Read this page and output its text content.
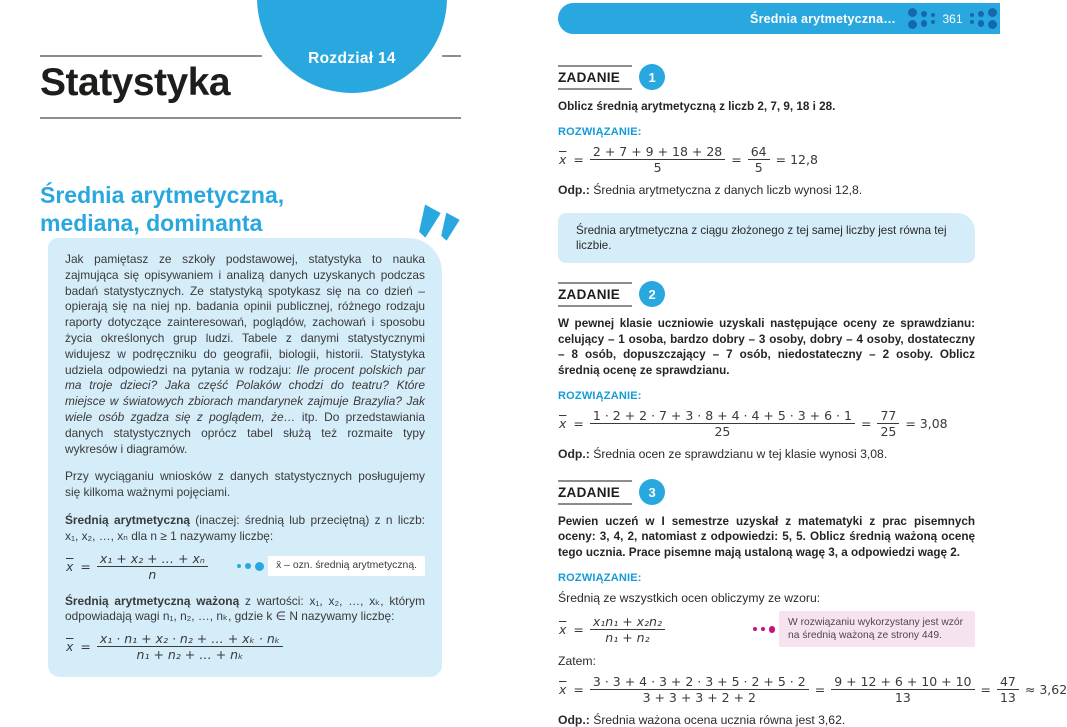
Rozdział 14
Statystyka
Średnia arytmetyczna,
mediana, dominanta

Jak pamiętasz ze szkoły podstawowej, statystyka to nauka zajmująca się opisywaniem i analizą danych uzyskanych podczas badań statystycznych. Ze statystyką spotykasz się na co dzień – opierają się na niej np. badania opinii publicznej, różnego rodzaju raporty dotyczące zainteresowań, poglądów, zachowań i sposobu życia określonych grup ludzi. Tabele z danymi statystycznymi widujesz w podręczniku do geografii, biologii, historii. Statystyka udziela odpowiedzi na pytania w rodzaju: Ile procent polskich par ma troje dzieci? Jaka część Polaków chodzi do teatru? Które miejsce w światowych zbiorach mandarynek zajmuje Brazylia? Jak wiele osób zgadza się z poglądem, że… itp. Do przedstawiania danych statystycznych oprócz tabel służą też rozmaite typy wykresów i diagramów.

Przy wyciąganiu wniosków z danych statystycznych posługujemy się kilkoma ważnymi pojęciami.

Średnią arytmetyczną (inaczej: średnią lub przeciętną) z n liczb: x₁, x₂, …, xₙ dla n ≥ 1 nazywamy liczbę:

$\overline{x} = \frac{\text{x₁ + x₂ + … + xₙ}}{n}$	x̄ – ozn. średnią arytmetyczną.

Średnią arytmetyczną ważoną z wartości: x₁, x₂, …, xₖ, którym odpowiadają wagi n₁, n₂, …, nₖ, gdzie k ∈ N nazywamy liczbę:

$\overline{x} = \frac{\text{x₁ · n₁ + x₂ · n₂ + … + xₖ · nₖ}}{\text{n₁ + n₂ + … + nₖ}}$
Średnia arytmetyczna…	361
ZADANIE	1

Oblicz średnią arytmetyczną z liczb 2, 7, 9, 18 i 28.

ROZWIĄZANIE:
$\overline{x} = \frac{2 + 7 + 9 + 18 + 28}{5} = \frac{64}{5} = 12,8$

Odp.: Średnia arytmetyczna z danych liczb wynosi 12,8.

Średnia arytmetyczna z ciągu złożonego z tej samej liczby jest równa tej liczbie.
ZADANIE	2

W pewnej klasie uczniowie uzyskali następujące oceny ze sprawdzianu: celujący – 1 osoba, bardzo dobry – 3 osoby, dobry – 4 osoby, dostateczny – 8 osób, dopuszczający – 7 osób, niedostateczny – 2 osoby. Oblicz średnią ocenę ze sprawdzianu.

ROZWIĄZANIE:
$\overline{x} = \frac{1 \cdot 2 + 2 \cdot 7 + 3 \cdot 8 + 4 \cdot 4 + 5 \cdot 3 + 6 \cdot 1}{25} = \frac{77}{25} = 3,08$

Odp.: Średnia ocen ze sprawdzianu w tej klasie wynosi 3,08.

ZADANIE	3

Pewien uczeń w I semestrze uzyskał z matematyki z prac pisemnych oceny: 3, 4, 2, natomiast z odpowiedzi: 5, 5. Oblicz średnią ważoną ocenę tego ucznia. Prace pisemne mają ustaloną wagę 3, a odpowiedzi wagę 2.

ROZWIĄZANIE:

Średnią ze wszystkich ocen obliczymy ze wzoru:

$\overline{x} = \frac{\text{x₁n₁ + x₂n₂}}{\text{n₁ + n₂}}$	W rozwiązaniu wykorzystany jest wzór na średnią ważoną ze strony 449.

Zatem:

$\overline{x} = \frac{3 \cdot 3 + 4 \cdot 3 + 2 \cdot 3 + 5 \cdot 2 + 5 \cdot 2}{3 + 3 + 3 + 2 + 2} = \frac{9 + 12 + 6 + 10 + 10}{13} = \frac{47}{13} \approx 3,62$

Odp.: Średnia ważona ocena ucznia równa jest 3,62.
